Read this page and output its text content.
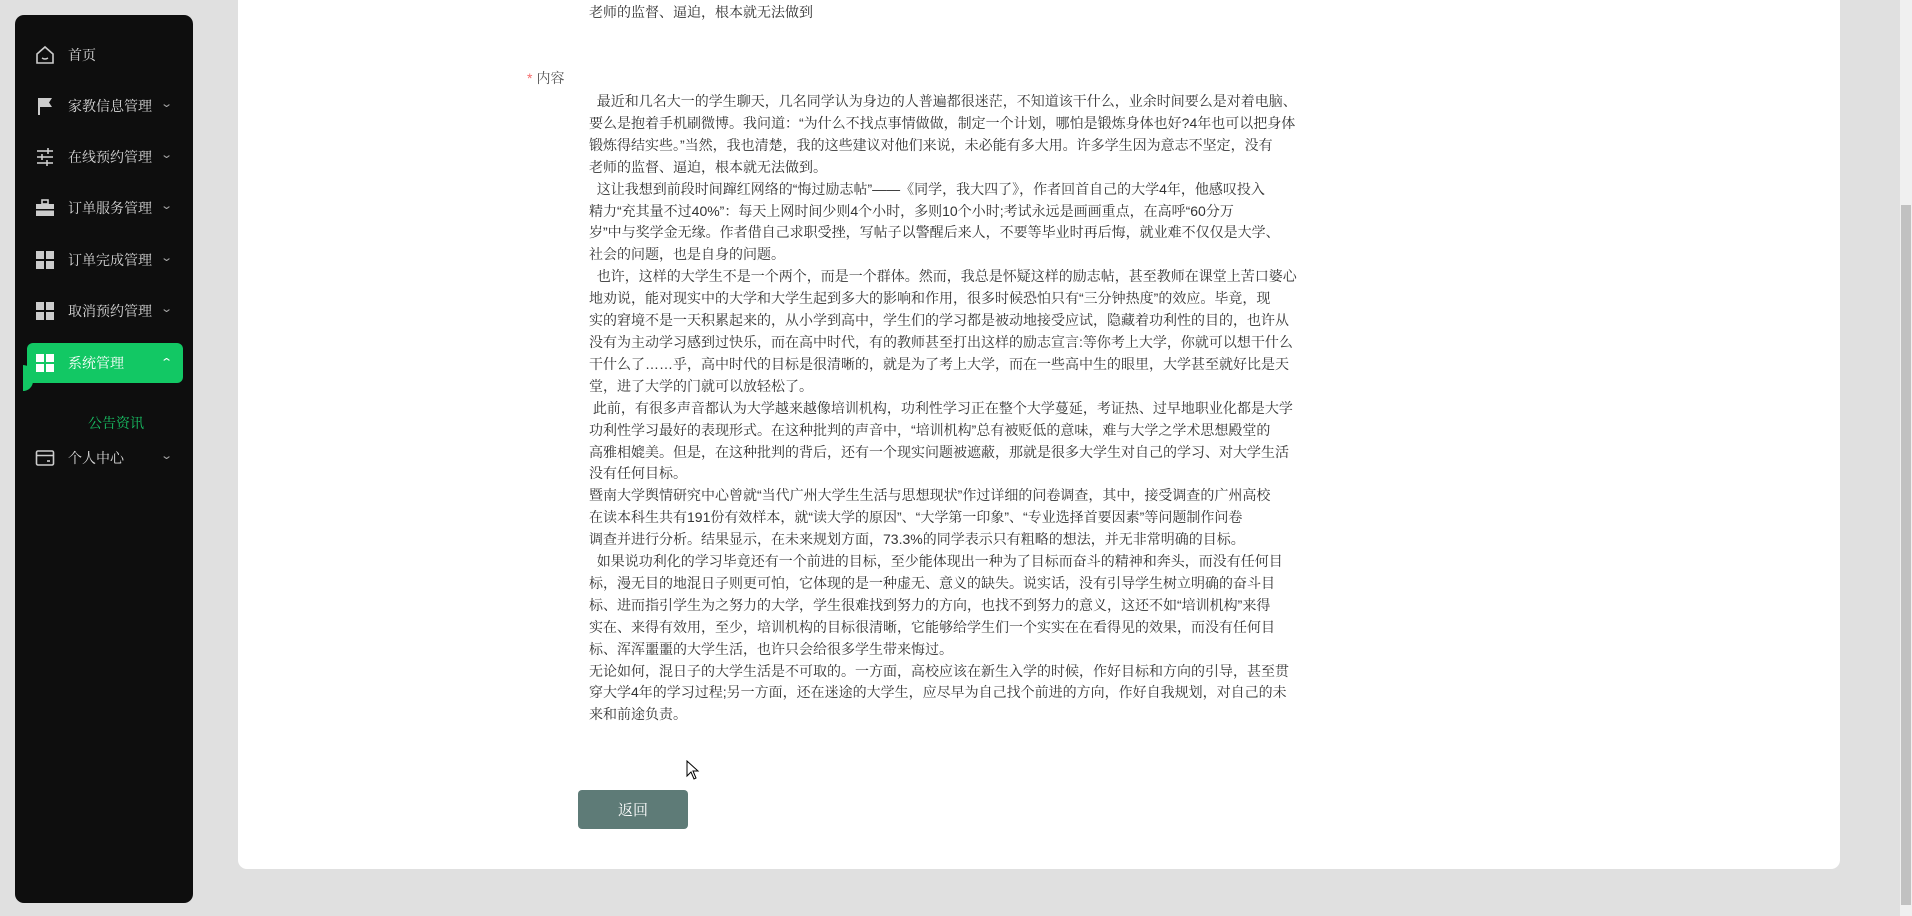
首页
家教信息管理 ⌄
在线预约管理 ⌄
订单服务管理 ⌄
订单完成管理 ⌄
取消预约管理 ⌄
系统管理	⌃
公告资讯
个人中心	⌄
老师的监督、逼迫，根本就无法做到
* 内容
最近和几名大一的学生聊天，几名同学认为身边的人普遍都很迷茫，不知道该干什么，业余时间要么是对着电脑、
要么是抱着手机刷微博。我问道：“为什么不找点事情做做，制定一个计划，哪怕是锻炼身体也好?4年也可以把身体
锻炼得结实些。”当然，我也清楚，我的这些建议对他们来说，未必能有多大用。许多学生因为意志不坚定，没有
老师的监督、逼迫，根本就无法做到。
这让我想到前段时间蹿红网络的“悔过励志帖”——《同学，我大四了》，作者回首自己的大学4年，他感叹投入
精力“充其量不过40%”：每天上网时间少则4个小时，多则10个小时;考试永远是画画重点，在高呼“60分万
岁”中与奖学金无缘。作者借自己求职受挫，写帖子以警醒后来人，不要等毕业时再后悔，就业难不仅仅是大学、
社会的问题，也是自身的问题。
也许，这样的大学生不是一个两个，而是一个群体。然而，我总是怀疑这样的励志帖，甚至教师在课堂上苦口婆心
地劝说，能对现实中的大学和大学生起到多大的影响和作用，很多时候恐怕只有“三分钟热度”的效应。毕竟，现
实的窘境不是一天积累起来的，从小学到高中，学生们的学习都是被动地接受应试，隐藏着功利性的目的，也许从
没有为主动学习感到过快乐，而在高中时代，有的教师甚至打出这样的励志宣言:等你考上大学，你就可以想干什么
干什么了……乎，高中时代的目标是很清晰的，就是为了考上大学，而在一些高中生的眼里，大学甚至就好比是天
堂，进了大学的门就可以放轻松了。
此前，有很多声音都认为大学越来越像培训机构，功利性学习正在整个大学蔓延，考证热、过早地职业化都是大学
功利性学习最好的表现形式。在这种批判的声音中，“培训机构”总有被贬低的意味，难与大学之学术思想殿堂的
高雅相媲美。但是，在这种批判的背后，还有一个现实问题被遮蔽，那就是很多大学生对自己的学习、对大学生活
没有任何目标。
暨南大学舆情研究中心曾就“当代广州大学生生活与思想现状”作过详细的问卷调查，其中，接受调查的广州高校
在读本科生共有191份有效样本，就“读大学的原因”、“大学第一印象”、“专业选择首要因素”等问题制作问卷
调查并进行分析。结果显示，在未来规划方面，73.3%的同学表示只有粗略的想法，并无非常明确的目标。
如果说功利化的学习毕竟还有一个前进的目标，至少能体现出一种为了目标而奋斗的精神和奔头，而没有任何目
标，漫无目的地混日子则更可怕，它体现的是一种虚无、意义的缺失。说实话，没有引导学生树立明确的奋斗目
标、进而指引学生为之努力的大学，学生很难找到努力的方向，也找不到努力的意义，这还不如“培训机构”来得
实在、来得有效用，至少，培训机构的目标很清晰，它能够给学生们一个实实在在看得见的效果，而没有任何目
标、浑浑噩噩的大学生活，也许只会给很多学生带来悔过。
无论如何，混日子的大学生活是不可取的。一方面，高校应该在新生入学的时候，作好目标和方向的引导，甚至贯
穿大学4年的学习过程;另一方面，还在迷途的大学生，应尽早为自己找个前进的方向，作好自我规划，对自己的未
来和前途负责。
返回
